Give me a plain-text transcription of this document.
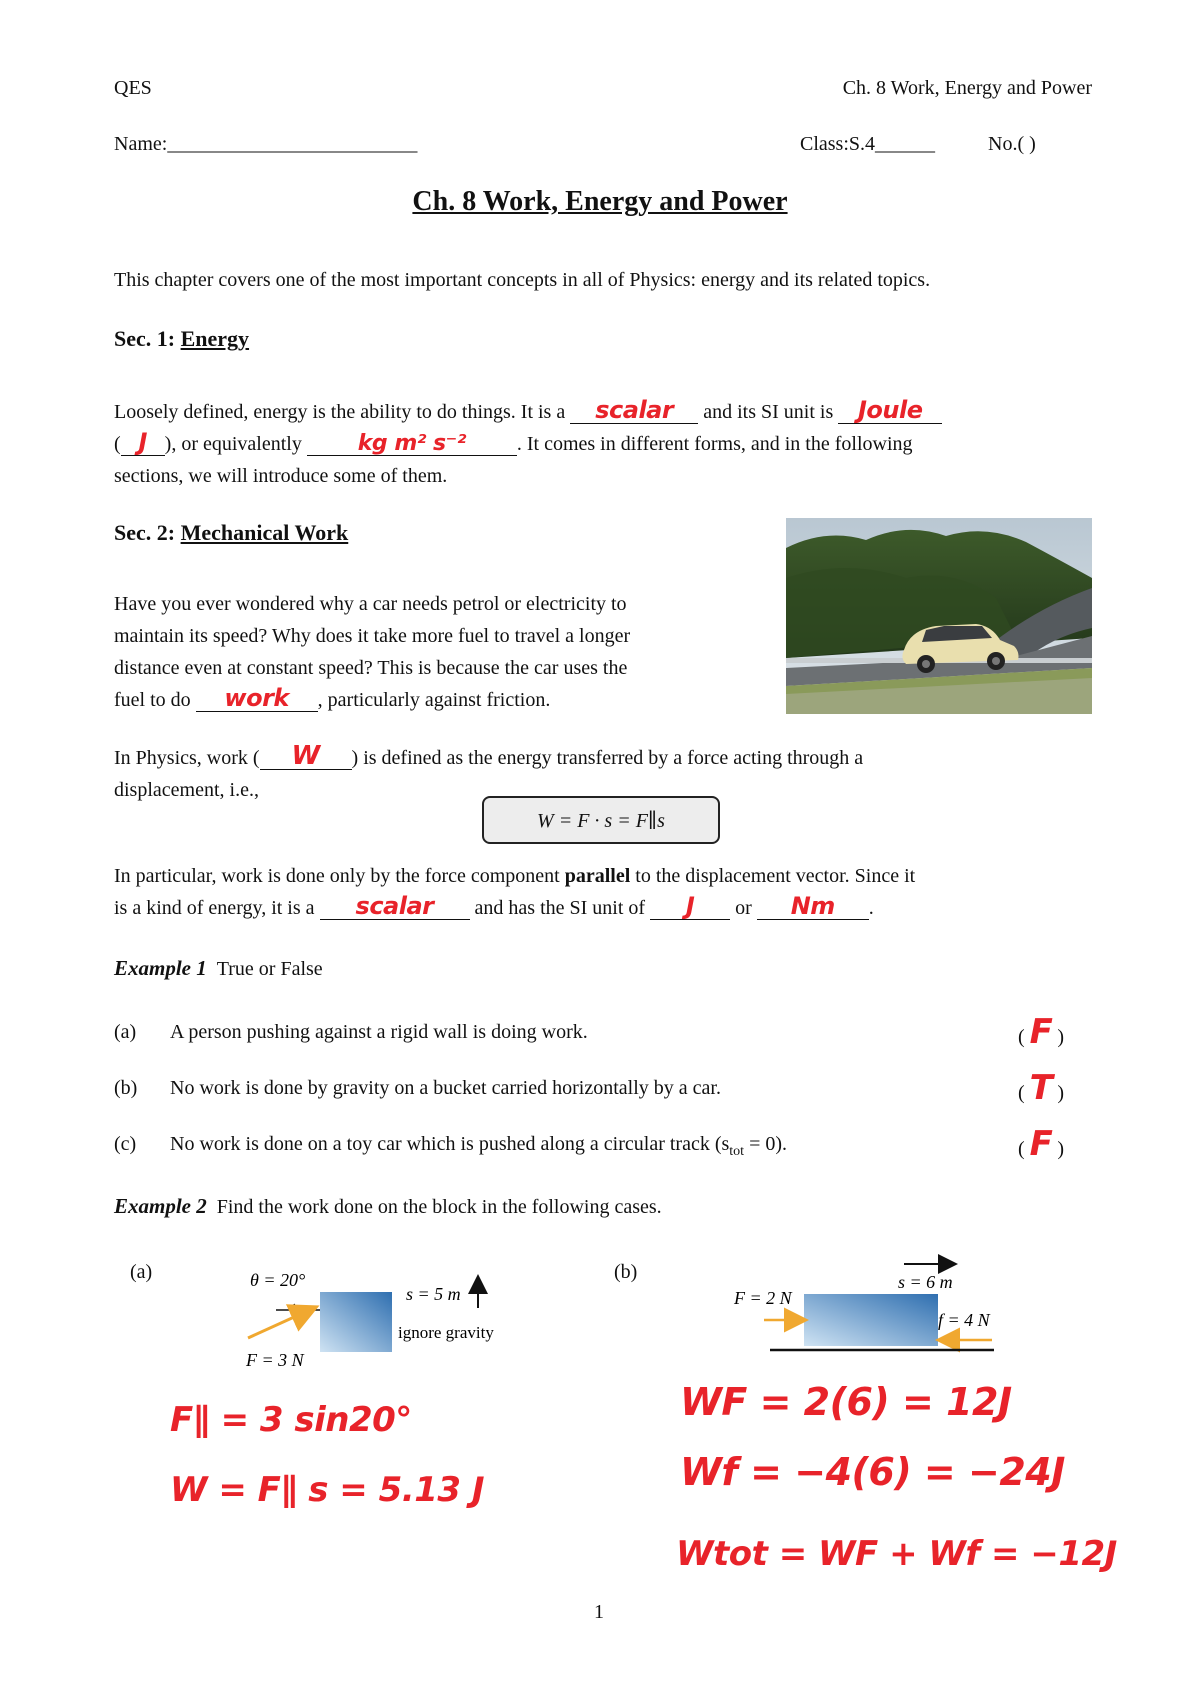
QES	Ch. 8 Work, Energy and Power
Name:_________________________	Class:S.4______	No.( )
Ch. 8 Work, Energy and Power
This chapter covers one of the most important concepts in all of Physics: energy and its related topics.
Sec. 1: Energy
Loosely defined, energy is the ability to do things. It is a scalar and its SI unit is Joule
( J ), or equivalently kg m² s⁻²	. It comes in different forms, and in the following
sections, we will introduce some of them.
Sec. 2: Mechanical Work
Have you ever wondered why a car needs petrol or electricity to
maintain its speed? Why does it take more fuel to travel a longer
distance even at constant speed? This is because the car uses the
fuel to do work , particularly against friction.
In Physics, work ( W ) is defined as the energy transferred by a force acting through a
displacement, i.e.,
W = F · s = F∥s
In particular, work is done only by the force component parallel to the displacement vector. Since it
is a kind of energy, it is a scalar and has the SI unit of J or Nm .
Example 1 True or False
(a) A person pushing against a rigid wall is doing work.	( F )
(b) No work is done by gravity on a bucket carried horizontally by a car.	( T )
(c) No work is done on a toy car which is pushed along a circular track $(s_{tot} = 0)$.	( F )
Example 2 Find the work done on the block in the following cases.
(a)	(b)
θ = 20°
F = 3 N
s = 5 m
ignore gravity
s = 6 m
F = 2 N
f = 4 N
F∥ = 3 sin20°
W = F∥ s = 5.13 J
WF = 2(6) = 12J
Wf = −4(6) = −24J
Wtot = WF + Wf = −12J
1
